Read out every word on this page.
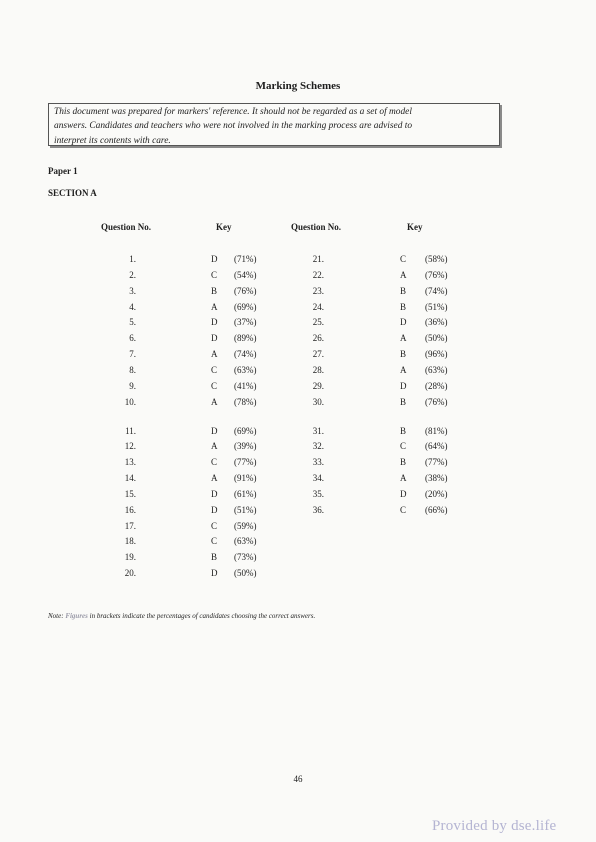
Marking Schemes
This document was prepared for markers' reference. It should not be regarded as a set of model
answers. Candidates and teachers who were not involved in the marking process are advised to
interpret its contents with care.
Paper 1
SECTION A
Question No.	Key	Question No.	Key
1.	D (71%)
2.	C (54%)
3.	B (76%)
4.	A (69%)
5.	D (37%)
6.	D (89%)
7.	A (74%)
8.	C (63%)
9.	C (41%)
10.	A (78%)
11.	D (69%)
12.	A (39%)
13.	C (77%)
14.	A (91%)
15.	D (61%)
16.	D (51%)
17.	C (59%)
18.	C (63%)
19.	B (73%)
20.	D (50%)
21.	C (58%)
22.	A (76%)
23.	B (74%)
24.	B (51%)
25.	D (36%)
26.	A (50%)
27.	B (96%)
28.	A (63%)
29.	D (28%)
30.	B (76%)
31.	B (81%)
32.	C (64%)
33.	B (77%)
34.	A (38%)
35.	D (20%)
36.	C (66%)
Note: Figures in brackets indicate the percentages of candidates choosing the correct answers.
46
Provided by dse.life
